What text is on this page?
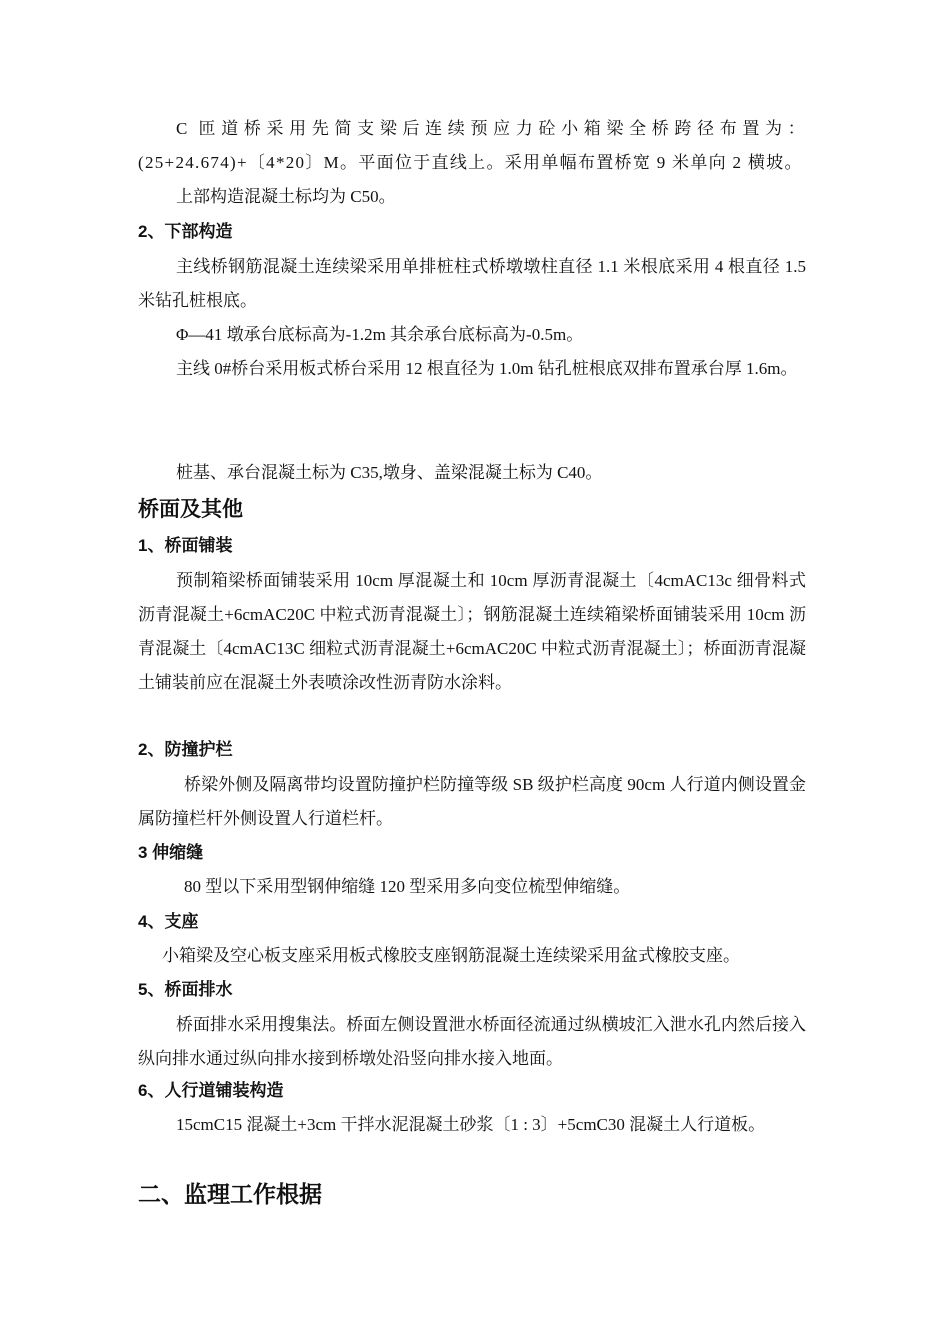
C 匝道桥采用先简支梁后连续预应力砼小箱梁全桥跨径布置为：(25+24.674)+〔4*20〕M。平面位于直线上。采用单幅布置桥宽 9 米单向 2 横坡。
上部构造混凝土标均为 C50。
2、下部构造
主线桥钢筋混凝土连续梁采用单排桩柱式桥墩墩柱直径 1.1 米根底采用 4 根直径 1.5 米钻孔桩根底。
Φ—41 墩承台底标高为-1.2m 其余承台底标高为-0.5m。
主线 0#桥台采用板式桥台采用 12 根直径为 1.0m 钻孔桩根底双排布置承台厚 1.6m。
桩基、承台混凝土标为 C35,墩身、盖梁混凝土标为 C40。
桥面及其他
1、桥面铺装
预制箱梁桥面铺装采用 10cm 厚混凝土和 10cm 厚沥青混凝土〔4cmAC13c 细骨料式沥青混凝土+6cmAC20C 中粒式沥青混凝土〕；钢筋混凝土连续箱梁桥面铺装采用 10cm 沥青混凝土〔4cmAC13C 细粒式沥青混凝土+6cmAC20C 中粒式沥青混凝土〕；桥面沥青混凝土铺装前应在混凝土外表喷涂改性沥青防水涂料。
2、防撞护栏
桥梁外侧及隔离带均设置防撞护栏防撞等级 SB 级护栏高度 90cm 人行道内侧设置金属防撞栏杆外侧设置人行道栏杆。
3 伸缩缝
80 型以下采用型钢伸缩缝 120 型采用多向变位梳型伸缩缝。
4、支座
小箱梁及空心板支座采用板式橡胶支座钢筋混凝土连续梁采用盆式橡胶支座。
5、桥面排水
桥面排水采用搜集法。桥面左侧设置泄水桥面径流通过纵横坡汇入泄水孔内然后接入纵向排水通过纵向排水接到桥墩处沿竖向排水接入地面。
6、人行道铺装构造
15cmC15 混凝土+3cm 干拌水泥混凝土砂浆〔1 : 3〕+5cmC30 混凝土人行道板。
二、监理工作根据
